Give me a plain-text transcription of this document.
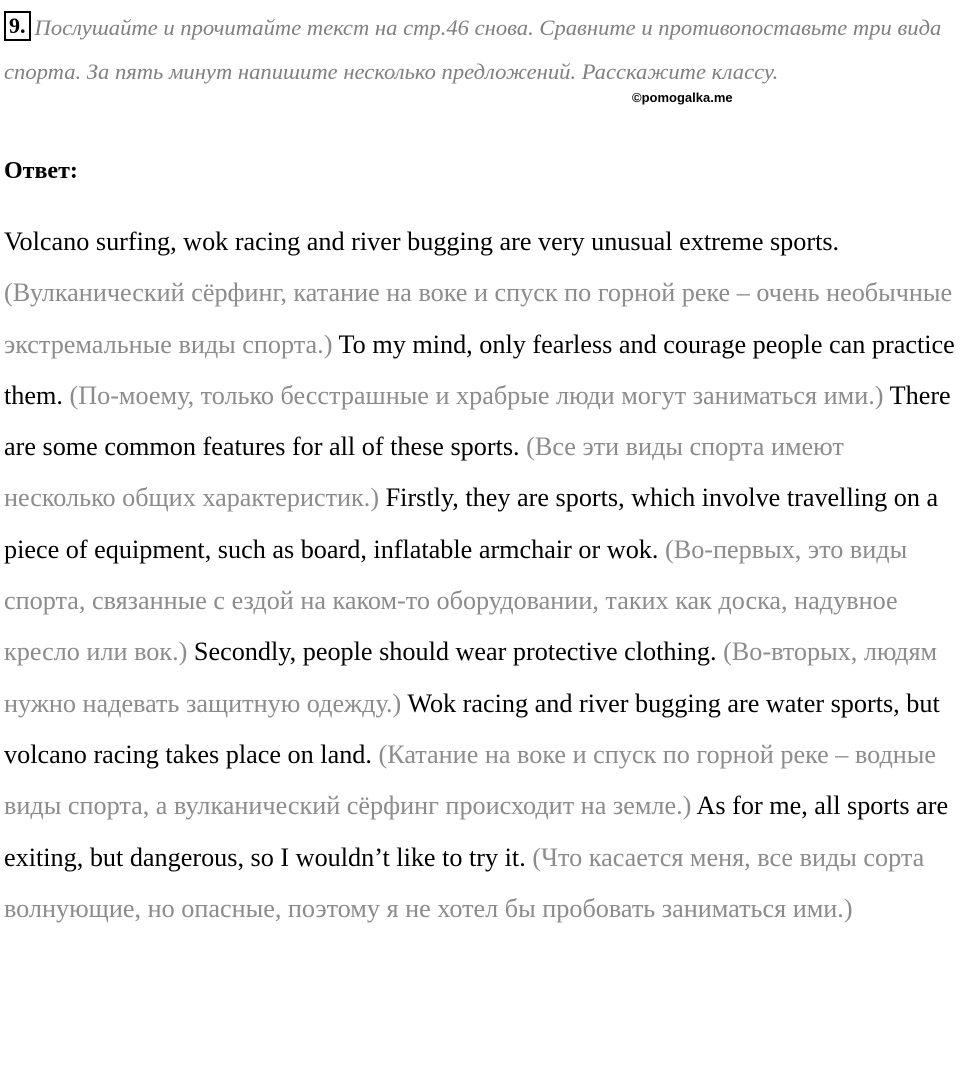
9. Послушайте и прочитайте текст на стр.46 снова. Сравните и противопоставьте три вида спорта. За пять минут напишите несколько предложений. Расскажите классу.

©pomogalka.me

Ответ:

Volcano surfing, wok racing and river bugging are very unusual extreme sports. (Вулканический сёрфинг, катание на воке и спуск по горной реке – очень необычные экстремальные виды спорта.) To my mind, only fearless and courage people can practice them. (По-моему, только бесстрашные и храбрые люди могут заниматься ими.) There are some common features for all of these sports. (Все эти виды спорта имеют несколько общих характеристик.) Firstly, they are sports, which involve travelling on a piece of equipment, such as board, inflatable armchair or wok. (Во-первых, это виды спорта, связанные с ездой на каком-то оборудовании, таких как доска, надувное кресло или вок.) Secondly, people should wear protective clothing. (Во-вторых, людям нужно надевать защитную одежду.) Wok racing and river bugging are water sports, but volcano racing takes place on land. (Катание на воке и спуск по горной реке – водные виды спорта, а вулканический сёрфинг происходит на земле.) As for me, all sports are exiting, but dangerous, so I wouldn’t like to try it. (Что касается меня, все виды сорта волнующие, но опасные, поэтому я не хотел бы пробовать заниматься ими.)
